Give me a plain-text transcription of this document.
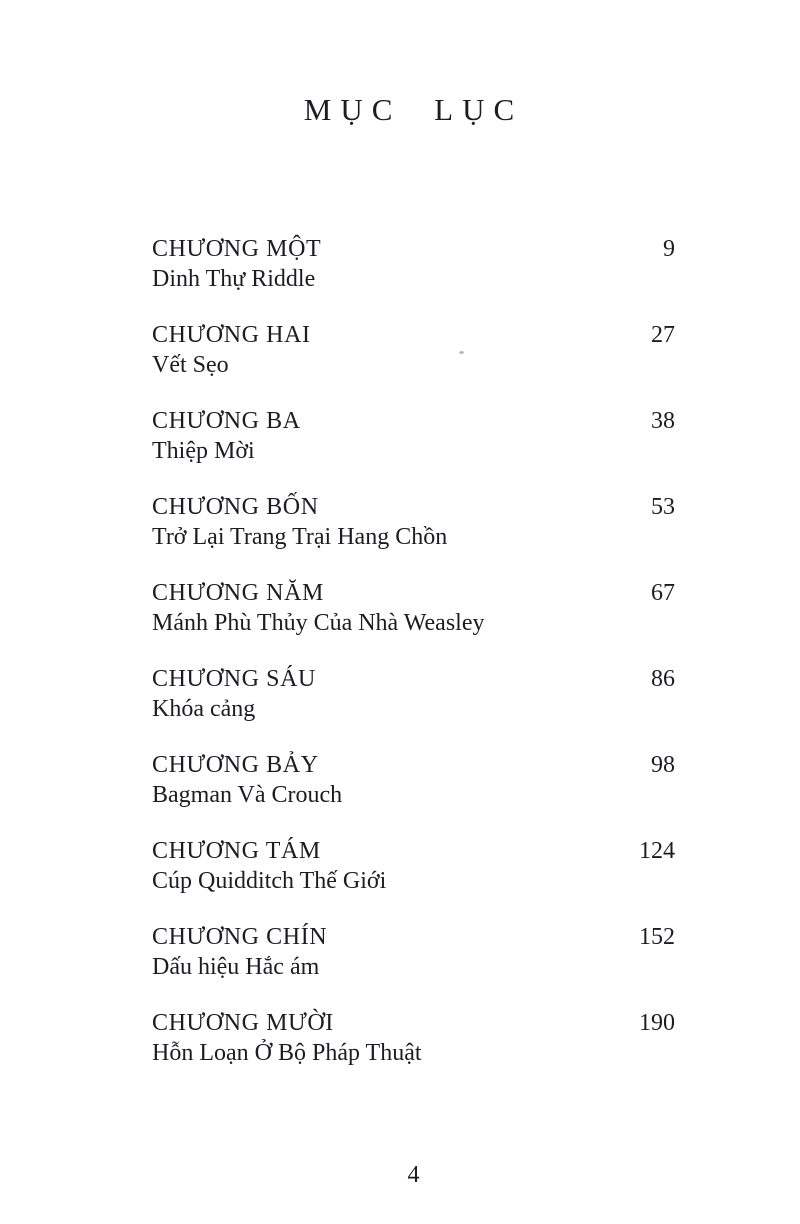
MỤC LỤC
CHƯƠNG MỘT	9
Dinh Thự Riddle
CHƯƠNG HAI	27
Vết Sẹo
CHƯƠNG BA	38
Thiệp Mời
CHƯƠNG BỐN	53
Trở Lại Trang Trại Hang Chồn
CHƯƠNG NĂM	67
Mánh Phù Thủy Của Nhà Weasley
CHƯƠNG SÁU	86
Khóa cảng
CHƯƠNG BẢY	98
Bagman Và Crouch
CHƯƠNG TÁM	124
Cúp Quidditch Thế Giới
CHƯƠNG CHÍN	152
Dấu hiệu Hắc ám
CHƯƠNG MƯỜI	190
Hỗn Loạn Ở Bộ Pháp Thuật
4
